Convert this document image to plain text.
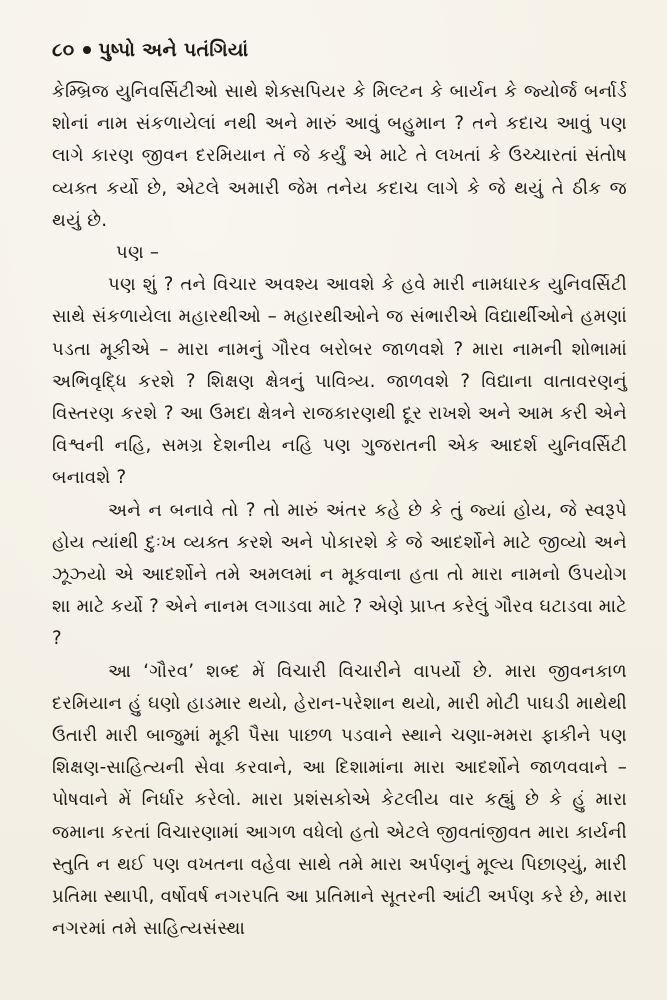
૮૦ પુષ્પો અને પતંગિયાં

કેમ્બ્રિજ યુનિવર્સિટીઓ સાથે શેક્સપિયર કે મિલ્ટન કે બાર્યન કે જ્યોર્જ બર્નાર્ડ શોનાં નામ સંકળાયેલાં નથી અને મારું આવું બહુમાન ? તને કદાચ આવું પણ લાગે કારણ જીવન દરમિયાન તેં જે કર્યું એ માટે તે લખતાં કે ઉચ્ચારતાં સંતોષ વ્યક્ત કર્યો છે, એટલે અમારી જેમ તનેય કદાચ લાગે કે જે થયું તે ઠીક જ થયું છે.

પણ –

પણ શું ? તને વિચાર અવશ્ય આવશે કે હવે મારી નામધારક યુનિવર્સિટી સાથે સંકળાયેલા મહારથીઓ – મહારથીઓને જ સંભારીએ વિદ્યાર્થીઓને હમણાં પડતા મૂકીએ – મારા નામનું ગૌરવ બરોબર જાળવશે ? મારા નામની શોભામાં અભિવૃદ્ધિ કરશે ? શિક્ષણ ક્ષેત્રનું પાવિત્ર્ય. જાળવશે ? વિદ્યાના વાતાવરણનું વિસ્તરણ કરશે ? આ ઉમદા ક્ષેત્રને રાજકારણથી દૂર રાખશે અને આમ કરી એને વિશ્વની નહિ, સમગ્ર દેશનીય નહિ પણ ગુજરાતની એક આદર્શ યુનિવર્સિટી બનાવશે ?

અને ન બનાવે તો ? તો મારું અંતર કહે છે કે તું જ્યાં હોય, જે સ્વરૂપે હોય ત્યાંથી દુઃખ વ્યક્ત કરશે અને પોકારશે કે જે આદર્શોને માટે જીવ્યો અને ઝૂઝ્યો એ આદર્શોને તમે અમલમાં ન મૂકવાના હતા તો મારા નામનો ઉપયોગ શા માટે કર્યો ? એને નાનમ લગાડવા માટે ? એણે પ્રાપ્ત કરેલું ગૌરવ ઘટાડવા માટે ?

આ ‘ગૌરવ’ શબ્દ મેં વિચારી વિચારીને વાપર્યો છે. મારા જીવનકાળ દરમિયાન હું ઘણો હાડમાર થયો, હેરાન-પરેશાન થયો, મારી મોટી પાઘડી માથેથી ઉતારી મારી બાજુમાં મૂકી પૈસા પાછળ પડવાને સ્થાને ચણા-મમરા ફાકીને પણ શિક્ષણ-સાહિત્યની સેવા કરવાને, આ દિશામાંના મારા આદર્શોને જાળવવાને – પોષવાને મેં નિર્ધાર કરેલો. મારા પ્રશંસકોએ કેટલીય વાર કહ્યું છે કે હું મારા જમાના કરતાં વિચારણામાં આગળ વધેલો હતો એટલે જીવતાંજીવત મારા કાર્યની સ્તુતિ ન થઈ પણ વખતના વહેવા સાથે તમે મારા અર્પણનું મૂલ્ય પિછાણ્યું, મારી પ્રતિમા સ્થાપી, વર્ષોવર્ષ નગરપતિ આ પ્રતિમાને સૂતરની આંટી અર્પણ કરે છે, મારા નગરમાં તમે સાહિત્યસંસ્થા
